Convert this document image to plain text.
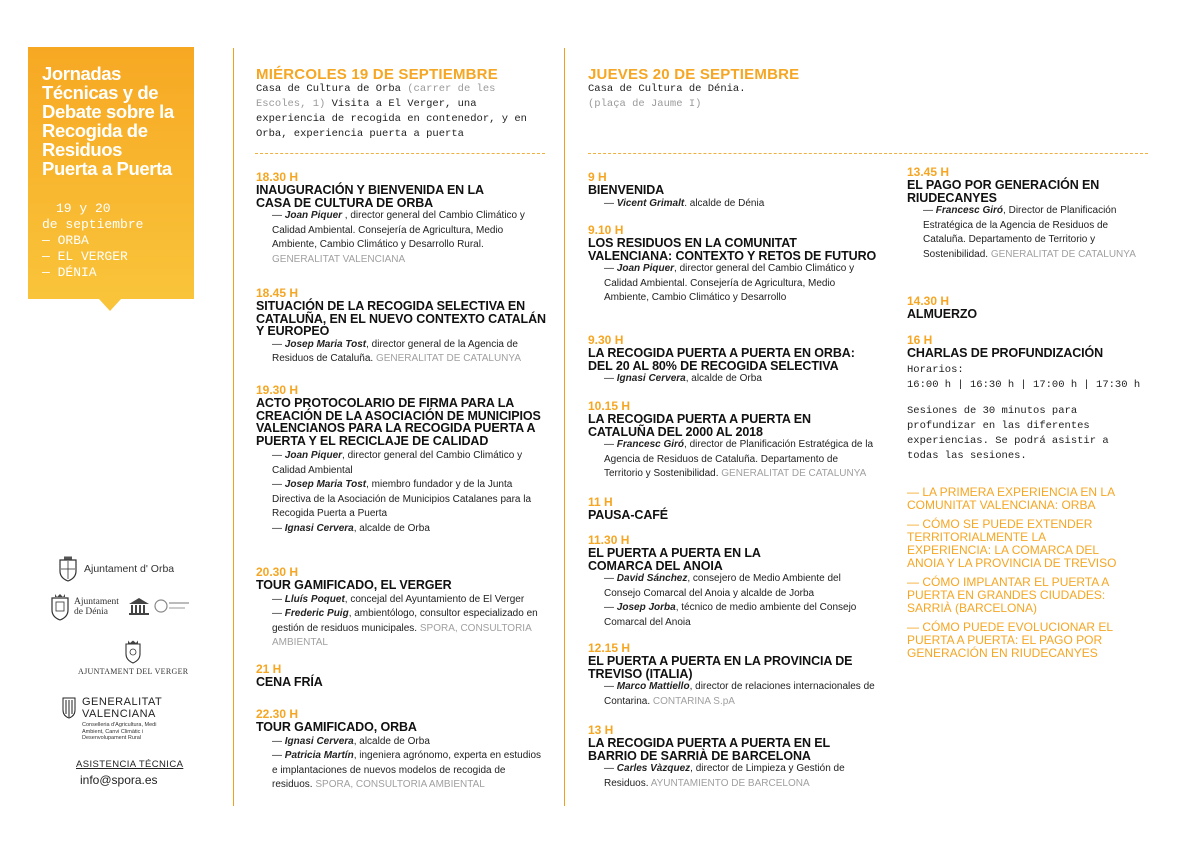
Jornadas
Técnicas y de
Debate sobre la
Recogida de
Residuos
Puerta a Puerta
19 y 20
de septiembre
— ORBA
— EL VERGER
— DÉNIA
Ajuntament d' Orba
Ajuntament
de Dénia
AJUNTAMENT DEL VERGER
GENERALITAT
VALENCIANA
Conselleria d'Agricultura, Medi Ambient, Canvi Climàtic i Desenvolupament Rural
ASISTENCIA TÉCNICA
info@spora.es
MIÉRCOLES 19 DE SEPTIEMBRE
Casa de Cultura de Orba (carrer de les Escoles, 1) Visita a El Verger, una experiencia de recogida en contenedor, y en Orba, experiencia puerta a puerta
JUEVES 20 DE SEPTIEMBRE
Casa de Cultura de Dénia.
(plaça de Jaume I)
18.30 H
INAUGURACIÓN Y BIENVENIDA EN LA CASA DE CULTURA DE ORBA
— Joan Piquer , director general del Cambio Climático y Calidad Ambiental. Consejería de Agricultura, Medio Ambiente, Cambio Climático y Desarrollo Rural. GENERALITAT VALENCIANA
18.45 H
SITUACIÓN DE LA RECOGIDA SELECTIVA EN CATALUÑA, EN EL NUEVO CONTEXTO CATALÁN Y EUROPEO
— Josep Maria Tost, director general de la Agencia de Residuos de Cataluña. GENERALITAT DE CATALUNYA
19.30 H
ACTO PROTOCOLARIO DE FIRMA PARA LA CREACIÓN DE LA ASOCIACIÓN DE MUNICIPIOS VALENCIANOS PARA LA RECOGIDA PUERTA A PUERTA Y EL RECICLAJE DE CALIDAD
— Joan Piquer, director general del Cambio Climático y Calidad Ambiental
— Josep Maria Tost, miembro fundador y de la Junta Directiva de la Asociación de Municipios Catalanes para la Recogida Puerta a Puerta
— Ignasi Cervera, alcalde de Orba
20.30 H
TOUR GAMIFICADO, EL VERGER
— Lluís Poquet, concejal del Ayuntamiento de El Verger
— Frederic Puig, ambientólogo, consultor especializado en gestión de residuos municipales. SPORA, CONSULTORIA AMBIENTAL
21 H
CENA FRÍA
22.30 H
TOUR GAMIFICADO, ORBA
— Ignasi Cervera, alcalde de Orba
— Patricia Martín, ingeniera agrónomo, experta en estudios e implantaciones de nuevos modelos de recogida de residuos. SPORA, CONSULTORIA AMBIENTAL
9 H
BIENVENIDA
— Vicent Grimalt. alcalde de Dénia
9.10 H
LOS RESIDUOS EN LA COMUNITAT VALENCIANA: CONTEXTO Y RETOS DE FUTURO
— Joan Piquer, director general del Cambio Climático y Calidad Ambiental. Consejería de Agricultura, Medio Ambiente, Cambio Climático y Desarrollo
9.30 H
LA RECOGIDA PUERTA A PUERTA EN ORBA: DEL 20 AL 80% DE RECOGIDA SELECTIVA
— Ignasi Cervera, alcalde de Orba
10.15 H
LA RECOGIDA PUERTA A PUERTA EN CATALUÑA DEL 2000 AL 2018
— Francesc Giró, director de Planificación Estratégica de la Agencia de Residuos de Cataluña. Departamento de Territorio y Sostenibilidad. GENERALITAT DE CATALUNYA
11 H
PAUSA-CAFÉ
11.30 H
EL PUERTA A PUERTA EN LA COMARCA DEL ANOIA
— David Sánchez, consejero de Medio Ambiente del Consejo Comarcal del Anoia y alcalde de Jorba
— Josep Jorba, técnico de medio ambiente del Consejo Comarcal del Anoia
12.15 H
EL PUERTA A PUERTA EN LA PROVINCIA DE TREVISO (ITALIA)
— Marco Mattiello, director de relaciones internacionales de Contarina. CONTARINA S.pA
13 H
LA RECOGIDA PUERTA A PUERTA EN EL BARRIO DE SARRIÀ DE BARCELONA
— Carles Vàzquez, director de Limpieza y Gestión de Residuos. AYUNTAMIENTO DE BARCELONA
13.45 H
EL PAGO POR GENERACIÓN EN RIUDECANYES
— Francesc Giró, Director de Planificación Estratégica de la Agencia de Residuos de Cataluña. Departamento de Territorio y Sostenibilidad. GENERALITAT DE CATALUNYA
14.30 H
ALMUERZO
16 H
CHARLAS DE PROFUNDIZACIÓN
Horarios:
16:00 h | 16:30 h | 17:00 h | 17:30 h
Sesiones de 30 minutos para profundizar en las diferentes experiencias. Se podrá asistir a todas las sesiones.
— LA PRIMERA EXPERIENCIA EN LA COMUNITAT VALENCIANA: ORBA
— CÓMO SE PUEDE EXTENDER TERRITORIALMENTE LA EXPERIENCIA: LA COMARCA DEL ANOIA Y LA PROVINCIA DE TREVISO
— CÓMO IMPLANTAR EL PUERTA A PUERTA EN GRANDES CIUDADES: SARRIÀ (BARCELONA)
— CÓMO PUEDE EVOLUCIONAR EL PUERTA A PUERTA: EL PAGO POR GENERACIÓN EN RIUDECANYES
